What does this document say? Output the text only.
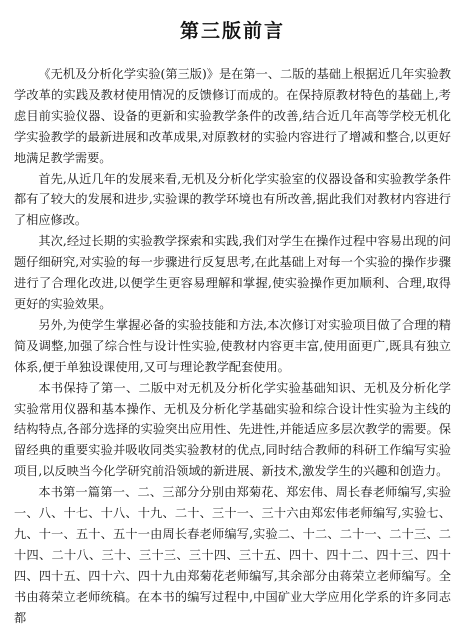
第三版前言

《无机及分析化学实验(第三版)》是在第一、二版的基础上根据近几年实验教学改革的实践及教材使用情况的反馈修订而成的。在保持原教材特色的基础上,考虑目前实验仪器、设备的更新和实验教学条件的改善,结合近几年高等学校无机化学实验教学的最新进展和改革成果,对原教材的实验内容进行了增减和整合,以更好地满足教学需要。

首先,从近几年的发展来看,无机及分析化学实验室的仪器设备和实验教学条件都有了较大的发展和进步,实验课的教学环境也有所改善,据此我们对教材内容进行了相应修改。

其次,经过长期的实验教学探索和实践,我们对学生在操作过程中容易出现的问题仔细研究,对实验的每一步骤进行反复思考,在此基础上对每一个实验的操作步骤进行了合理化改进,以便学生更容易理解和掌握,使实验操作更加顺利、合理,取得更好的实验效果。

另外,为使学生掌握必备的实验技能和方法,本次修订对实验项目做了合理的精简及调整,加强了综合性与设计性实验,使教材内容更丰富,使用面更广,既具有独立体系,便于单独设课使用,又可与理论教学配套使用。

本书保持了第一、二版中对无机及分析化学实验基础知识、无机及分析化学实验常用仪器和基本操作、无机及分析化学基础实验和综合设计性实验为主线的结构特点,各部分选择的实验突出应用性、先进性,并能适应多层次教学的需要。保留经典的重要实验并吸收同类实验教材的优点,同时结合教师的科研工作编写实验项目,以反映当今化学研究前沿领域的新进展、新技术,激发学生的兴趣和创造力。

本书第一篇第一、二、三部分分别由郑菊花、郑宏伟、周长春老师编写,实验一、八、十七、十八、十九、二十、三十一、三十六由郑宏伟老师编写,实验七、九、十一、五十、五十一由周长春老师编写,实验二、十二、二十一、二十三、二十四、二十八、三十、三十三、三十四、三十五、四十、四十二、四十三、四十四、四十五、四十六、四十九由郑菊花老师编写,其余部分由蒋荣立老师编写。全书由蒋荣立老师统稿。在本书的编写过程中,中国矿业大学应用化学系的许多同志都
